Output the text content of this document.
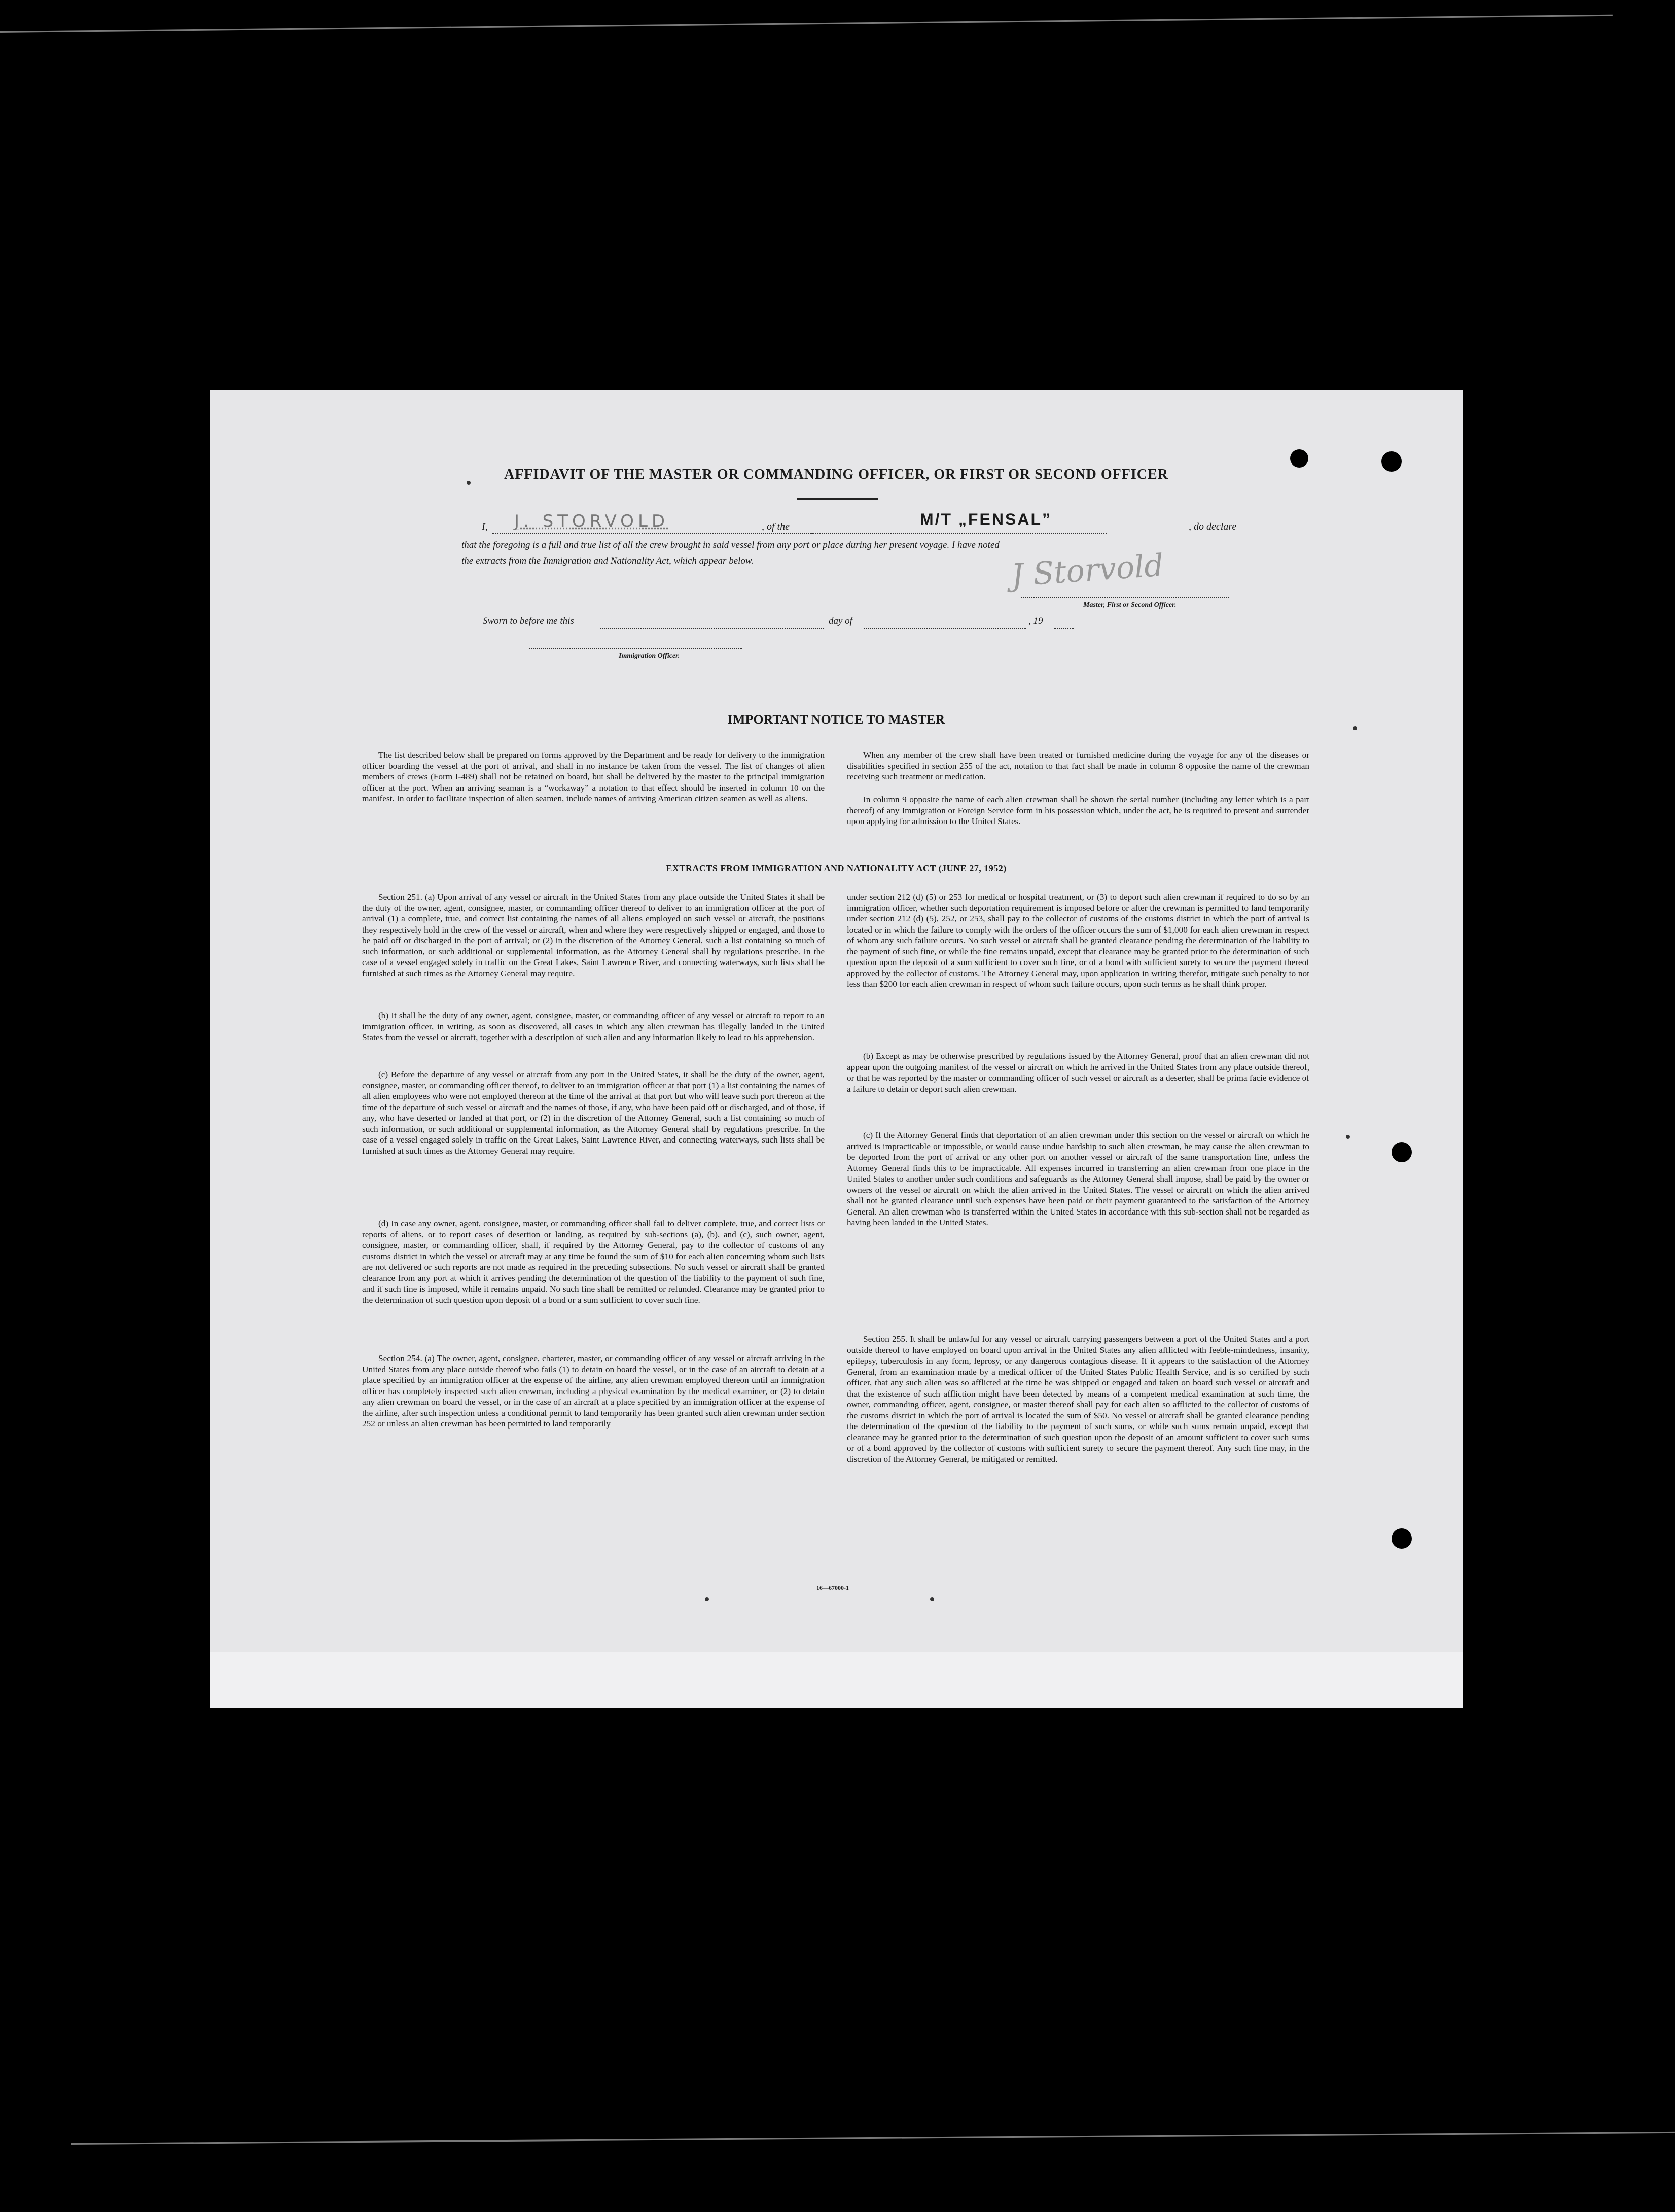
AFFIDAVIT OF THE MASTER OR COMMANDING OFFICER, OR FIRST OR SECOND OFFICER
I, J. STORVOLD	, of the	M/T „FENSAL”	, do declare
that the foregoing is a full and true list of all the crew brought in said vessel from any port or place during her present voyage. I have noted
the extracts from the Immigration and Nationality Act, which appear below.	J Storvold
Master, First or Second Officer.
Sworn to before me this	day of	, 19
Immigration Officer.
IMPORTANT NOTICE TO MASTER

The list described below shall be prepared on forms approved by the Department and be ready for delivery to the immigration officer boarding the vessel at the port of arrival, and shall in no instance be taken from the vessel. The list of changes of alien members of crews (Form I-489) shall not be retained on board, but shall be delivered by the master to the principal immigration officer at the port. When an arriving seaman is a “workaway” a notation to that effect should be inserted in column 10 on the manifest. In order to facilitate inspection of alien seamen, include names of arriving American citizen seamen as well as aliens.

When any member of the crew shall have been treated or furnished medicine during the voyage for any of the diseases or disabilities specified in section 255 of the act, notation to that fact shall be made in column 8 opposite the name of the crewman receiving such treatment or medication.

In column 9 opposite the name of each alien crewman shall be shown the serial number (including any letter which is a part thereof) of any Immigration or Foreign Service form in his possession which, under the act, he is required to present and surrender upon applying for admission to the United States.

EXTRACTS FROM IMMIGRATION AND NATIONALITY ACT (JUNE 27, 1952)

Section 251. (a) Upon arrival of any vessel or aircraft in the United States from any place outside the United States it shall be the duty of the owner, agent, consignee, master, or commanding officer thereof to deliver to an immigration officer at the port of arrival (1) a complete, true, and correct list containing the names of all aliens employed on such vessel or aircraft, the positions they respectively hold in the crew of the vessel or aircraft, when and where they were respectively shipped or engaged, and those to be paid off or discharged in the port of arrival; or (2) in the discretion of the Attorney General, such a list containing so much of such information, or such additional or supplemental information, as the Attorney General shall by regulations prescribe. In the case of a vessel engaged solely in traffic on the Great Lakes, Saint Lawrence River, and connecting waterways, such lists shall be furnished at such times as the Attorney General may require.

(b) It shall be the duty of any owner, agent, consignee, master, or commanding officer of any vessel or aircraft to report to an immigration officer, in writing, as soon as discovered, all cases in which any alien crewman has illegally landed in the United States from the vessel or aircraft, together with a description of such alien and any information likely to lead to his apprehension.

(c) Before the departure of any vessel or aircraft from any port in the United States, it shall be the duty of the owner, agent, consignee, master, or commanding officer thereof, to deliver to an immigration officer at that port (1) a list containing the names of all alien employees who were not employed thereon at the time of the arrival at that port but who will leave such port thereon at the time of the departure of such vessel or aircraft and the names of those, if any, who have been paid off or discharged, and of those, if any, who have deserted or landed at that port, or (2) in the discretion of the Attorney General, such a list containing so much of such information, or such additional or supplemental information, as the Attorney General shall by regulations prescribe. In the case of a vessel engaged solely in traffic on the Great Lakes, Saint Lawrence River, and connecting waterways, such lists shall be furnished at such times as the Attorney General may require.

(d) In case any owner, agent, consignee, master, or commanding officer shall fail to deliver complete, true, and correct lists or reports of aliens, or to report cases of desertion or landing, as required by sub-sections (a), (b), and (c), such owner, agent, consignee, master, or commanding officer, shall, if required by the Attorney General, pay to the collector of customs of any customs district in which the vessel or aircraft may at any time be found the sum of $10 for each alien concerning whom such lists are not delivered or such reports are not made as required in the preceding subsections. No such vessel or aircraft shall be granted clearance from any port at which it arrives pending the determination of the question of the liability to the payment of such fine, and if such fine is imposed, while it remains unpaid. No such fine shall be remitted or refunded. Clearance may be granted prior to the determination of such question upon deposit of a bond or a sum sufficient to cover such fine.

Section 254. (a) The owner, agent, consignee, charterer, master, or commanding officer of any vessel or aircraft arriving in the United States from any place outside thereof who fails (1) to detain on board the vessel, or in the case of an aircraft to detain at a place specified by an immigration officer at the expense of the airline, any alien crewman employed thereon until an immigration officer has completely inspected such alien crewman, including a physical examination by the medical examiner, or (2) to detain any alien crewman on board the vessel, or in the case of an aircraft at a place specified by an immigration officer at the expense of the airline, after such inspection unless a conditional permit to land temporarily has been granted such alien crewman under section 252 or unless an alien crewman has been permitted to land temporarily

under section 212 (d) (5) or 253 for medical or hospital treatment, or (3) to deport such alien crewman if required to do so by an immigration officer, whether such deportation requirement is imposed before or after the crewman is permitted to land temporarily under section 212 (d) (5), 252, or 253, shall pay to the collector of customs of the customs district in which the port of arrival is located or in which the failure to comply with the orders of the officer occurs the sum of $1,000 for each alien crewman in respect of whom any such failure occurs. No such vessel or aircraft shall be granted clearance pending the determination of the liability to the payment of such fine, or while the fine remains unpaid, except that clearance may be granted prior to the determination of such question upon the deposit of a sum sufficient to cover such fine, or of a bond with sufficient surety to secure the payment thereof approved by the collector of customs. The Attorney General may, upon application in writing therefor, mitigate such penalty to not less than $200 for each alien crewman in respect of whom such failure occurs, upon such terms as he shall think proper.

(b) Except as may be otherwise prescribed by regulations issued by the Attorney General, proof that an alien crewman did not appear upon the outgoing manifest of the vessel or aircraft on which he arrived in the United States from any place outside thereof, or that he was reported by the master or commanding officer of such vessel or aircraft as a deserter, shall be prima facie evidence of a failure to detain or deport such alien crewman.

(c) If the Attorney General finds that deportation of an alien crewman under this section on the vessel or aircraft on which he arrived is impracticable or impossible, or would cause undue hardship to such alien crewman, he may cause the alien crewman to be deported from the port of arrival or any other port on another vessel or aircraft of the same transportation line, unless the Attorney General finds this to be impracticable. All expenses incurred in transferring an alien crewman from one place in the United States to another under such conditions and safeguards as the Attorney General shall impose, shall be paid by the owner or owners of the vessel or aircraft on which the alien arrived in the United States. The vessel or aircraft on which the alien arrived shall not be granted clearance until such expenses have been paid or their payment guaranteed to the satisfaction of the Attorney General. An alien crewman who is transferred within the United States in accordance with this sub-section shall not be regarded as having been landed in the United States.

Section 255. It shall be unlawful for any vessel or aircraft carrying passengers between a port of the United States and a port outside thereof to have employed on board upon arrival in the United States any alien afflicted with feeble-mindedness, insanity, epilepsy, tuberculosis in any form, leprosy, or any dangerous contagious disease. If it appears to the satisfaction of the Attorney General, from an examination made by a medical officer of the United States Public Health Service, and is so certified by such officer, that any such alien was so afflicted at the time he was shipped or engaged and taken on board such vessel or aircraft and that the existence of such affliction might have been detected by means of a competent medical examination at such time, the owner, commanding officer, agent, consignee, or master thereof shall pay for each alien so afflicted to the collector of customs of the customs district in which the port of arrival is located the sum of $50. No vessel or aircraft shall be granted clearance pending the determination of the question of the liability to the payment of such sums, or while such sums remain unpaid, except that clearance may be granted prior to the determination of such question upon the deposit of an amount sufficient to cover such sums or of a bond approved by the collector of customs with sufficient surety to secure the payment thereof. Any such fine may, in the discretion of the Attorney General, be mitigated or remitted.

16—67000-1
